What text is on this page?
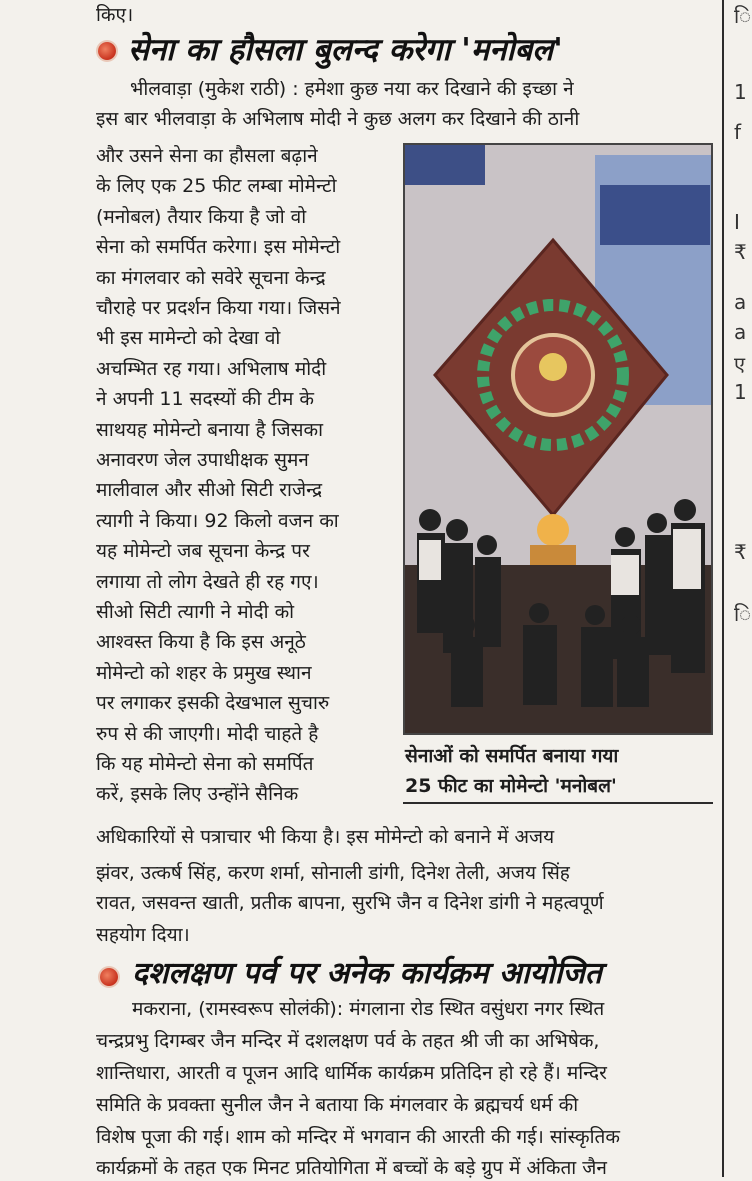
किए।
सेना का हौसला बुलन्द करेगा 'मनोबल'
भीलवाड़ा (मुकेश राठी) : हमेशा कुछ नया कर दिखाने की इच्छा ने
इस बार भीलवाड़ा के अभिलाष मोदी ने कुछ अलग कर दिखाने की ठानी
और उसने सेना का हौसला बढ़ाने
के लिए एक 25 फीट लम्बा मोमेन्टो
(मनोबल) तैयार किया है जो वो
सेना को समर्पित करेगा। इस मोमेन्टो
का मंगलवार को सवेरे सूचना केन्द्र
चौराहे पर प्रदर्शन किया गया। जिसने
भी इस मामेन्टो को देखा वो
अचम्भित रह गया। अभिलाष मोदी
ने अपनी 11 सदस्यों की टीम के
साथयह मोमेन्टो बनाया है जिसका
अनावरण जेल उपाधीक्षक सुमन
मालीवाल और सीओ सिटी राजेन्द्र
त्यागी ने किया। 92 किलो वजन का
यह मोमेन्टो जब सूचना केन्द्र पर
लगाया तो लोग देखते ही रह गए।
सीओ सिटी त्यागी ने मोदी को
आश्वस्त किया है कि इस अनूठे
मोमेन्टो को शहर के प्रमुख स्थान
पर लगाकर इसकी देखभाल सुचारु
रुप से की जाएगी। मोदी चाहते है
कि यह मोमेन्टो सेना को समर्पित
करें, इसके लिए उन्होंने सैनिक
सेनाओं को समर्पित बनाया गया
25 फीट का मोमेन्टो 'मनोबल'
अधिकारियों से पत्राचार भी किया है। इस मोमेन्टो को बनाने में अजय
झंवर, उत्कर्ष सिंह, करण शर्मा, सोनाली डांगी, दिनेश तेली, अजय सिंह
रावत, जसवन्त खाती, प्रतीक बापना, सुरभि जैन व दिनेश डांगी ने महत्वपूर्ण
सहयोग दिया।
दशलक्षण पर्व पर अनेक कार्यक्रम आयोजित
मकराना, (रामस्वरूप सोलंकी): मंगलाना रोड स्थित वसुंधरा नगर स्थित
चन्द्रप्रभु दिगम्बर जैन मन्दिर में दशलक्षण पर्व के तहत श्री जी का अभिषेक,
शान्तिधारा, आरती व पूजन आदि धार्मिक कार्यक्रम प्रतिदिन हो रहे हैं। मन्दिर
समिति के प्रवक्ता सुनील जैन ने बताया कि मंगलवार के ब्रह्मचर्य धर्म की
विशेष पूजा की गई। शाम को मन्दिर में भगवान की आरती की गई। सांस्कृतिक
कार्यक्रमों के तहत एक मिनट प्रतियोगिता में बच्चों के बड़े ग्रुप में अंकिता जैन
ि
1
f
I
₹
a
a
ए
1
₹
ि
